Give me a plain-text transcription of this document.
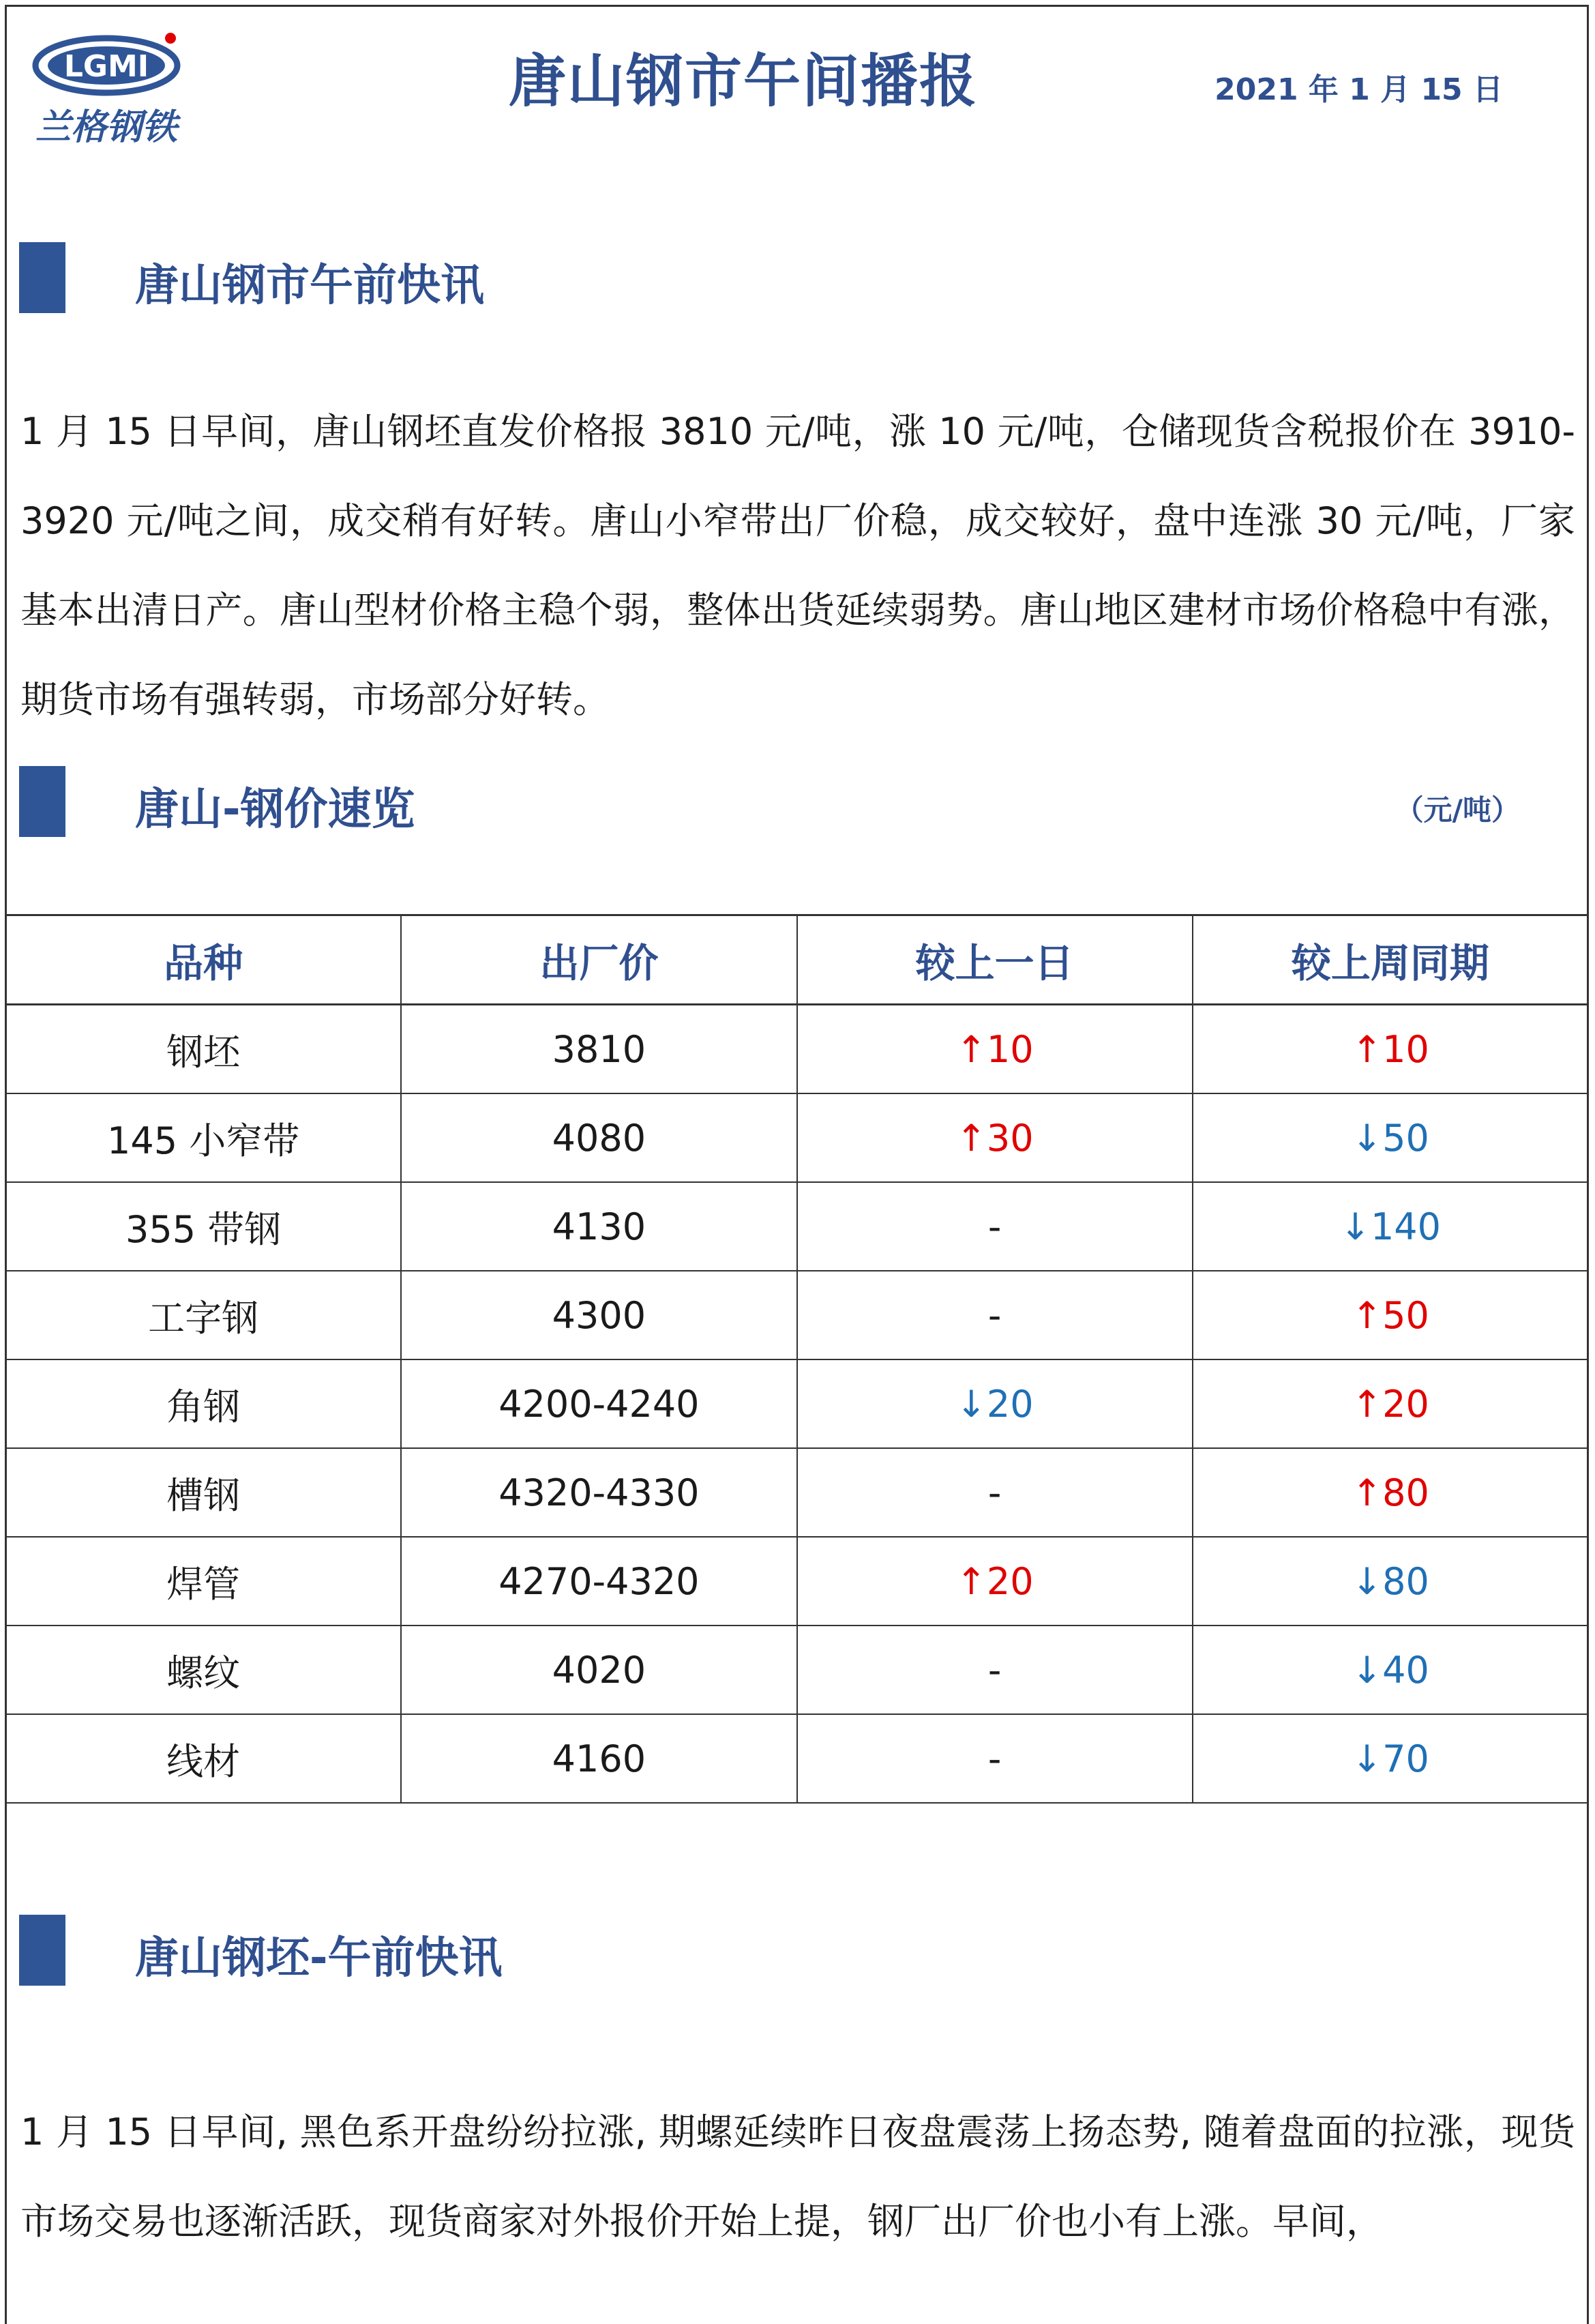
LGMI
兰格钢铁
唐山钢市午间播报	2021 年 1 月 15 日
唐山钢市午前快讯
1 月 15 日早间，唐山钢坯直发价格报 3810 元/吨，涨 10 元/吨，仓储现货含税报价在 3910-3920 元/吨之间，成交稍有好转。唐山小窄带出厂价稳，成交较好，盘中连涨 30 元/吨，厂家基本出清日产。唐山型材价格主稳个弱，整体出货延续弱势。唐山地区建材市场价格稳中有涨，期货市场有强转弱，市场部分好转。
唐山-钢价速览	（元/吨）
品种	出厂价	较上一日	较上周同期
钢坯	3810	↑10	↑10
145 小窄带	4080	↑30	↓50
355 带钢	4130	-	↓140
工字钢	4300	-	↑50
角钢	4200-4240	↓20	↑20
槽钢	4320-4330	-	↑80
焊管	4270-4320	↑20	↓80
螺纹	4020	-	↓40
线材	4160	-	↓70
唐山钢坯-午前快讯
1 月 15 日早间, 黑色系开盘纷纷拉涨, 期螺延续昨日夜盘震荡上扬态势, 随着盘面的拉涨，现货市场交易也逐渐活跃，现货商家对外报价开始上提，钢厂出厂价也小有上涨。早间，
